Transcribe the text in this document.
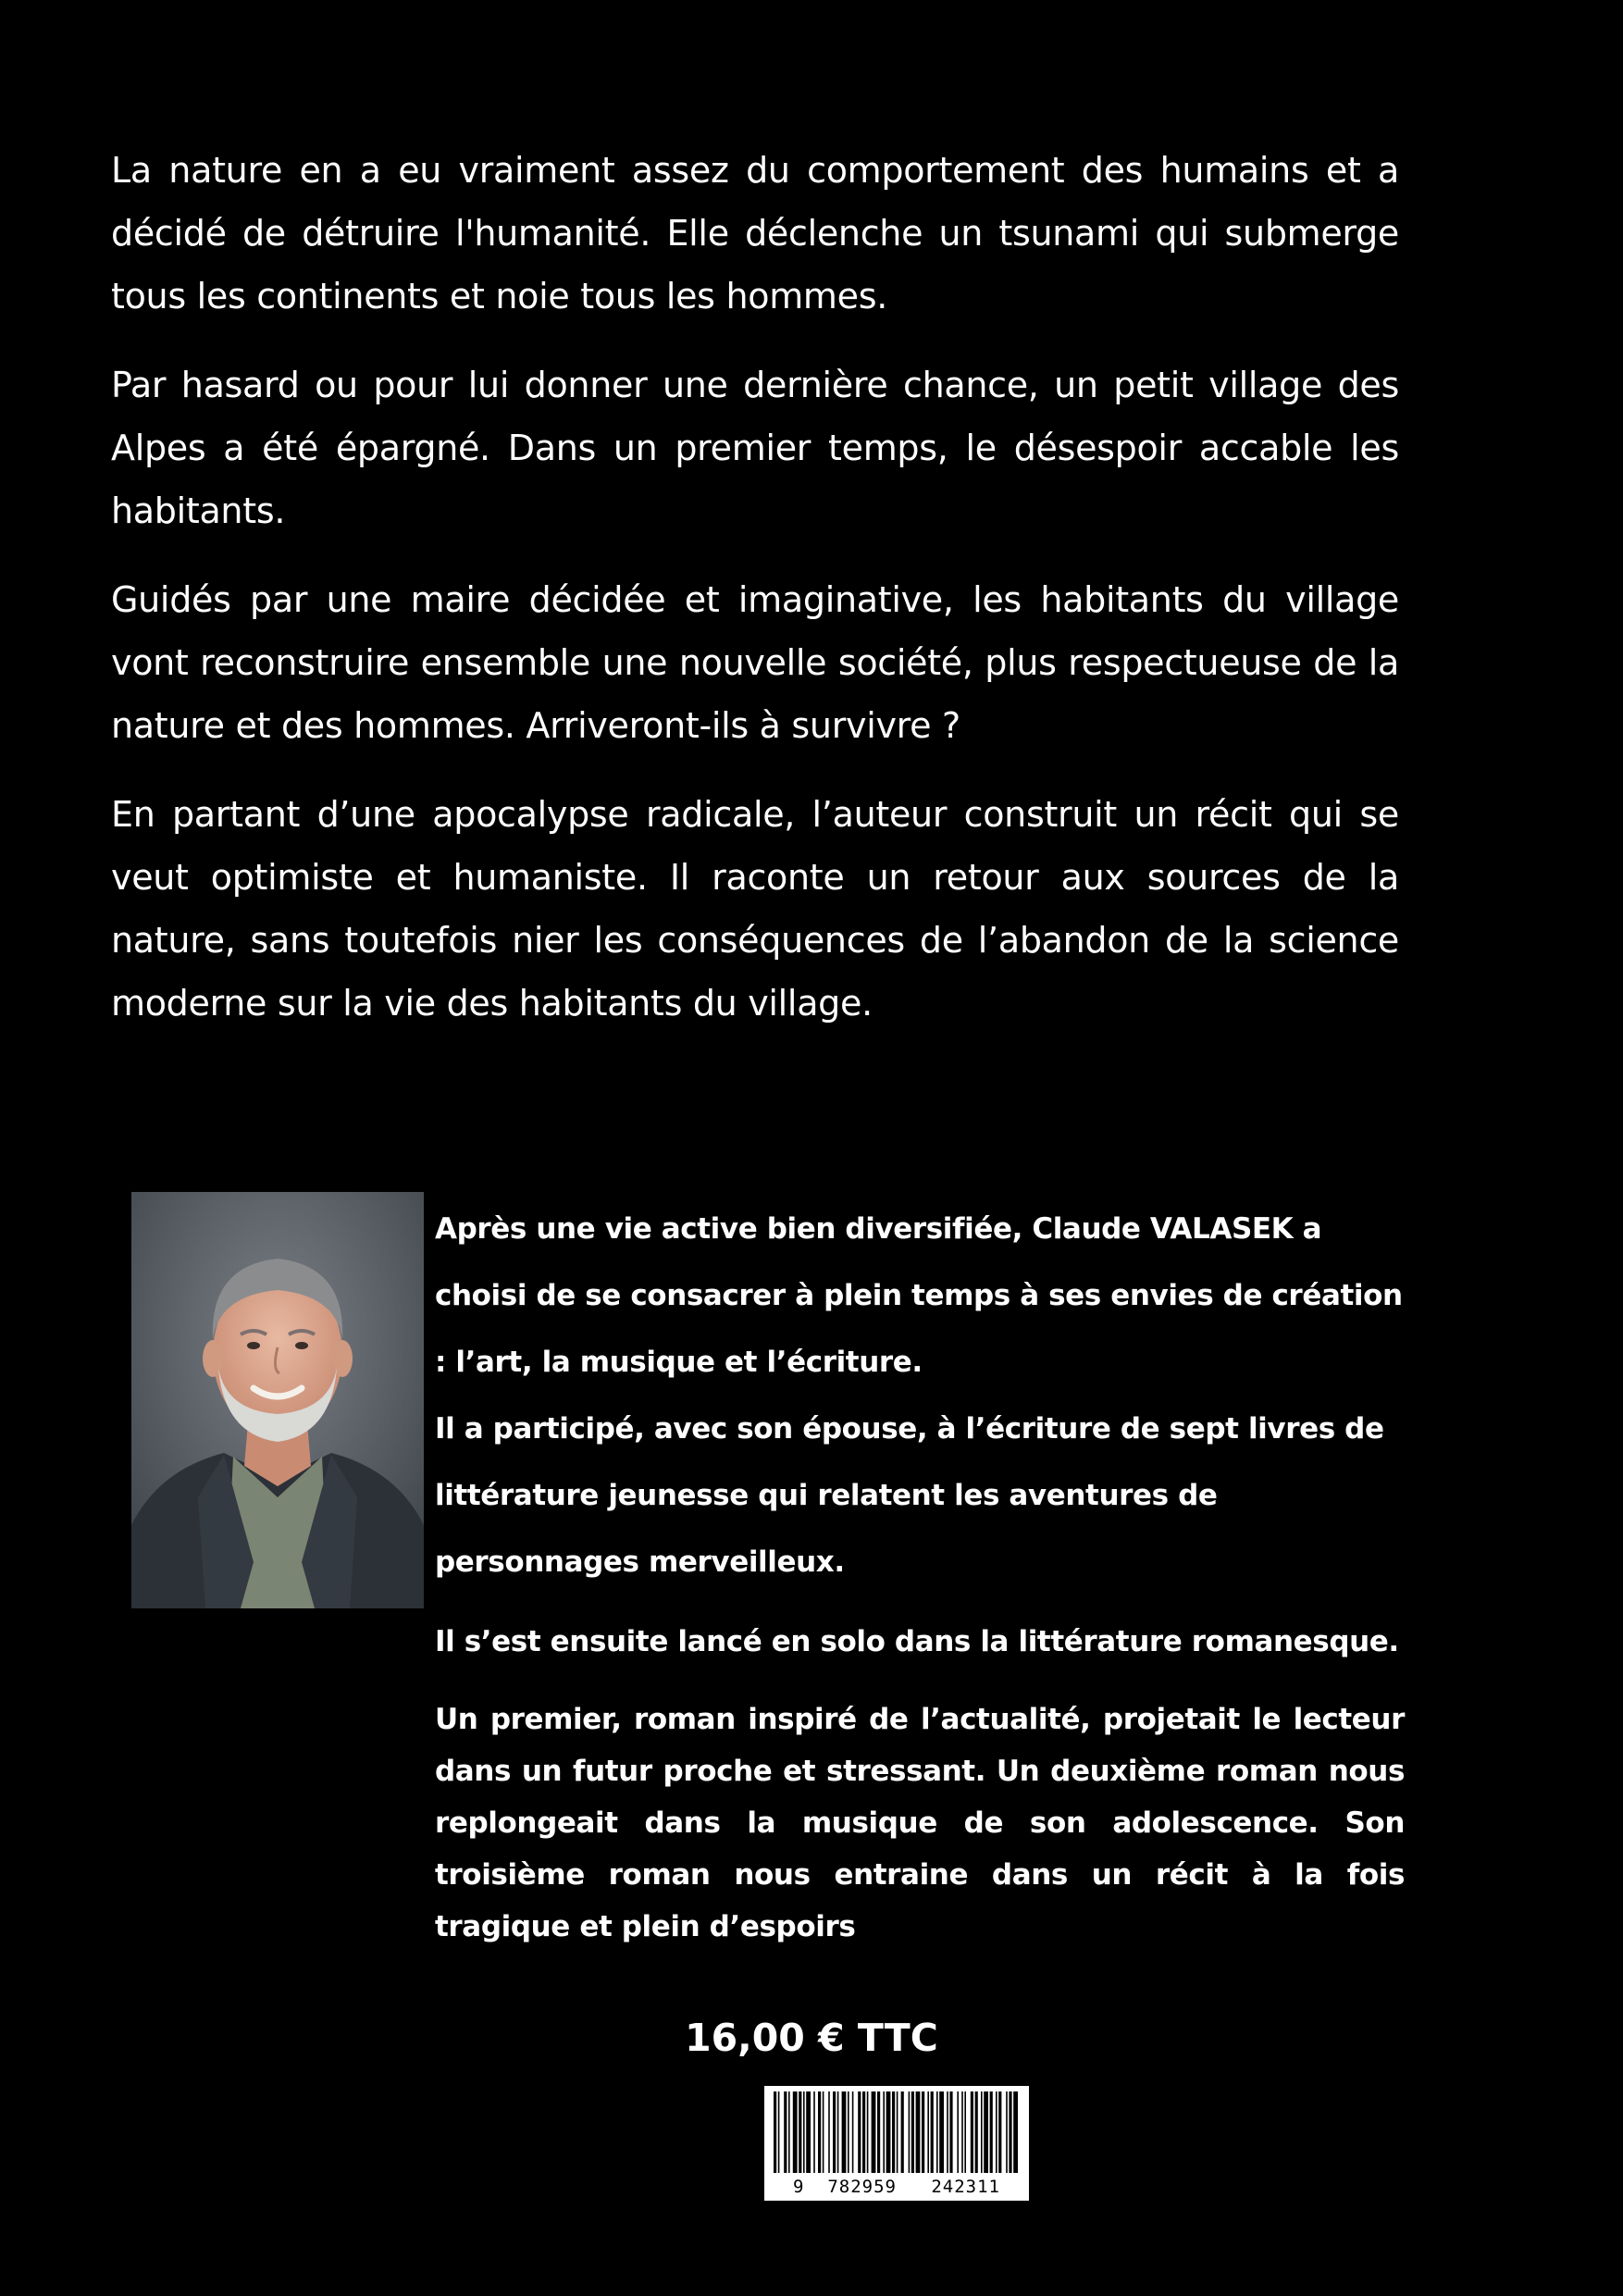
La nature en a eu vraiment assez du comportement des humains et a décidé de détruire l'humanité. Elle déclenche un tsunami qui submerge tous les continents et noie tous les hommes.

Par hasard ou pour lui donner une dernière chance, un petit village des Alpes a été épargné. Dans un premier temps, le désespoir accable les habitants.

Guidés par une maire décidée et imaginative, les habitants du village vont reconstruire ensemble une nouvelle société, plus respectueuse de la nature et des hommes. Arriveront-ils à survivre ?

En partant d’une apocalypse radicale, l’auteur construit un récit qui se veut optimiste et humaniste. Il raconte un retour aux sources de la nature, sans toutefois nier les conséquences de l’abandon de la science moderne sur la vie des habitants du village.

Après une vie active bien diversifiée, Claude VALASEK a choisi de se consacrer à plein temps à ses envies de création : l’art, la musique et l’écriture.

Il a participé, avec son épouse, à l’écriture de sept livres de littérature jeunesse qui relatent les aventures de personnages merveilleux.

Il s’est ensuite lancé en solo dans la littérature romanesque.

Un premier, roman inspiré de l’actualité, projetait le lecteur dans un futur proche et stressant. Un deuxième roman nous replongeait dans la musique de son adolescence. Son troisième roman nous entraine dans un récit à la fois tragique et plein d’espoirs

16,00 € TTC
9 782959 242311
